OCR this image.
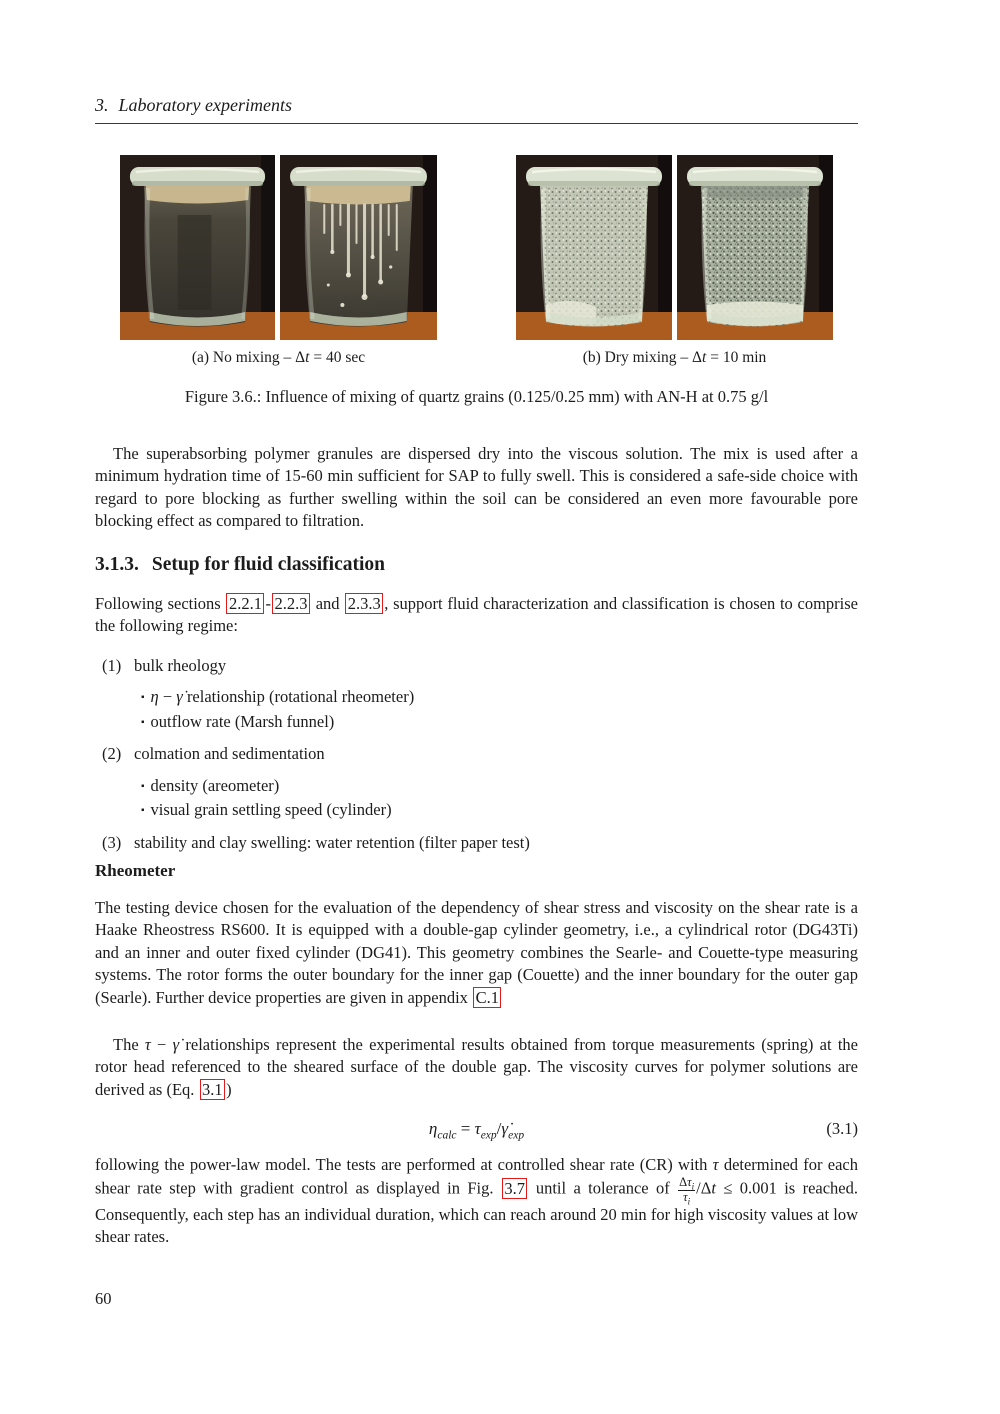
3. Laboratory experiments
(a) No mixing – Δt = 40 sec	(b) Dry mixing – Δt = 10 min
Figure 3.6.: Influence of mixing of quartz grains (0.125/0.25 mm) with AN-H at 0.75 g/l
The superabsorbing polymer granules are dispersed dry into the viscous solution. The mix is used after a minimum hydration time of 15-60 min sufficient for SAP to fully swell. This is considered a safe-side choice with regard to pore blocking as further swelling within the soil can be considered an even more favourable pore blocking effect as compared to filtration.
3.1.3. Setup for fluid classification
Following sections 2.2.1 - 2.2.3 and 2.3.3 , support fluid characterization and classification is chosen to comprise the following regime:
(1) bulk rheology
▪ η − γ̇ relationship (rotational rheometer)
▪ outflow rate (Marsh funnel)
(2) colmation and sedimentation
▪ density (areometer)
▪ visual grain settling speed (cylinder)
(3) stability and clay swelling: water retention (filter paper test)
Rheometer
The testing device chosen for the evaluation of the dependency of shear stress and viscosity on the shear rate is a Haake Rheostress RS600. It is equipped with a double-gap cylinder geometry, i.e., a cylindrical rotor (DG43Ti) and an inner and outer fixed cylinder (DG41). This geometry combines the Searle- and Couette-type measuring systems. The rotor forms the outer boundary for the inner gap (Couette) and the inner boundary for the outer gap (Searle). Further device properties are given in appendix C.1
The τ − γ̇ relationships represent the experimental results obtained from torque measurements (spring) at the rotor head referenced to the sheared surface of the double gap. The viscosity curves for polymer solutions are derived as (Eq. 3.1 )
$\eta_{calc}$ = $\tau_{exp}/\gammȧ_{exp}$	(3.1)
following the power-law model. The tests are performed at controlled shear rate (CR) with τ determined for each shear rate step with gradient control as displayed in Fig. 3.7 until a tolerance of $\frac{\Delta\tau_i}{\tau_i} /\Delta t \le 0.001$ is reached. Consequently, each step has an individual duration, which can reach around 20 min for high viscosity values at low shear rates.
60
